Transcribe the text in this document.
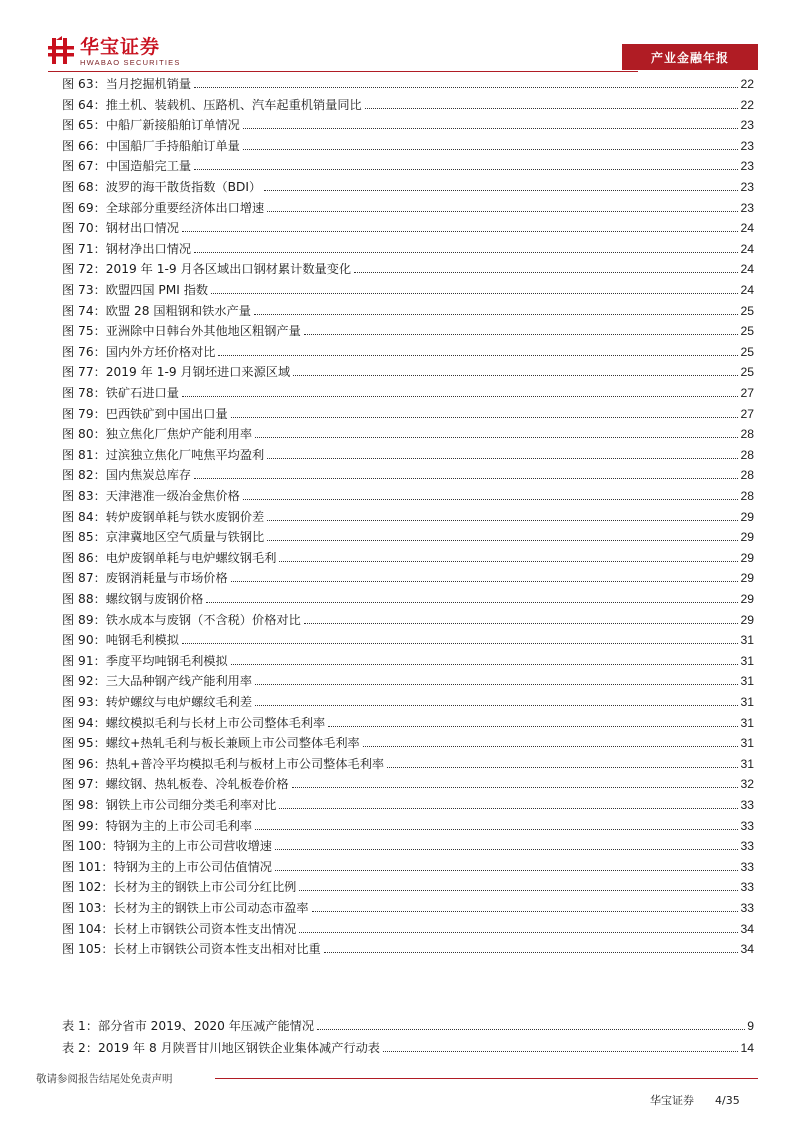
华宝证券
HWABAO SECURITIES	产业金融年报
图 63：当月挖掘机销量	22
图 64：推土机、装载机、压路机、汽车起重机销量同比	22
图 65：中船厂新接船舶订单情况	23
图 66：中国船厂手持船舶订单量	23
图 67：中国造船完工量	23
图 68：波罗的海干散货指数（BDI）	23
图 69：全球部分重要经济体出口增速	23
图 70：钢材出口情况	24
图 71：钢材净出口情况	24
图 72：2019 年 1-9 月各区域出口钢材累计数量变化	24
图 73：欧盟四国 PMI 指数	24
图 74：欧盟 28 国粗钢和铁水产量	25
图 75：亚洲除中日韩台外其他地区粗钢产量	25
图 76：国内外方坯价格对比	25
图 77：2019 年 1-9 月钢坯进口来源区域	25
图 78：铁矿石进口量	27
图 79：巴西铁矿到中国出口量	27
图 80：独立焦化厂焦炉产能利用率	28
图 81：过滨独立焦化厂吨焦平均盈利	28
图 82：国内焦炭总库存	28
图 83：天津港准一级冶金焦价格	28
图 84：转炉废钢单耗与铁水废钢价差	29
图 85：京津冀地区空气质量与铁钢比	29
图 86：电炉废钢单耗与电炉螺纹钢毛利	29
图 87：废钢消耗量与市场价格	29
图 88：螺纹钢与废钢价格	29
图 89：铁水成本与废钢（不含税）价格对比	29
图 90：吨钢毛利模拟	31
图 91：季度平均吨钢毛利模拟	31
图 92：三大品种钢产线产能利用率	31
图 93：转炉螺纹与电炉螺纹毛利差	31
图 94：螺纹模拟毛利与长材上市公司整体毛利率	31
图 95：螺纹+热轧毛利与板长兼顾上市公司整体毛利率	31
图 96：热轧+普冷平均模拟毛利与板材上市公司整体毛利率	31
图 97：螺纹钢、热轧板卷、冷轧板卷价格	32
图 98：钢铁上市公司细分类毛利率对比	33
图 99：特钢为主的上市公司毛利率	33
图 100：特钢为主的上市公司营收增速	33
图 101：特钢为主的上市公司估值情况	33
图 102：长材为主的钢铁上市公司分红比例	33
图 103：长材为主的钢铁上市公司动态市盈率	33
图 104：长材上市钢铁公司资本性支出情况	34
图 105：长材上市钢铁公司资本性支出相对比重	34
表 1：部分省市 2019、2020 年压减产能情况	9
表 2：2019 年 8 月陕晋甘川地区钢铁企业集体减产行动表	14
敬请参阅报告结尾处免责声明
华宝证券 4/35
